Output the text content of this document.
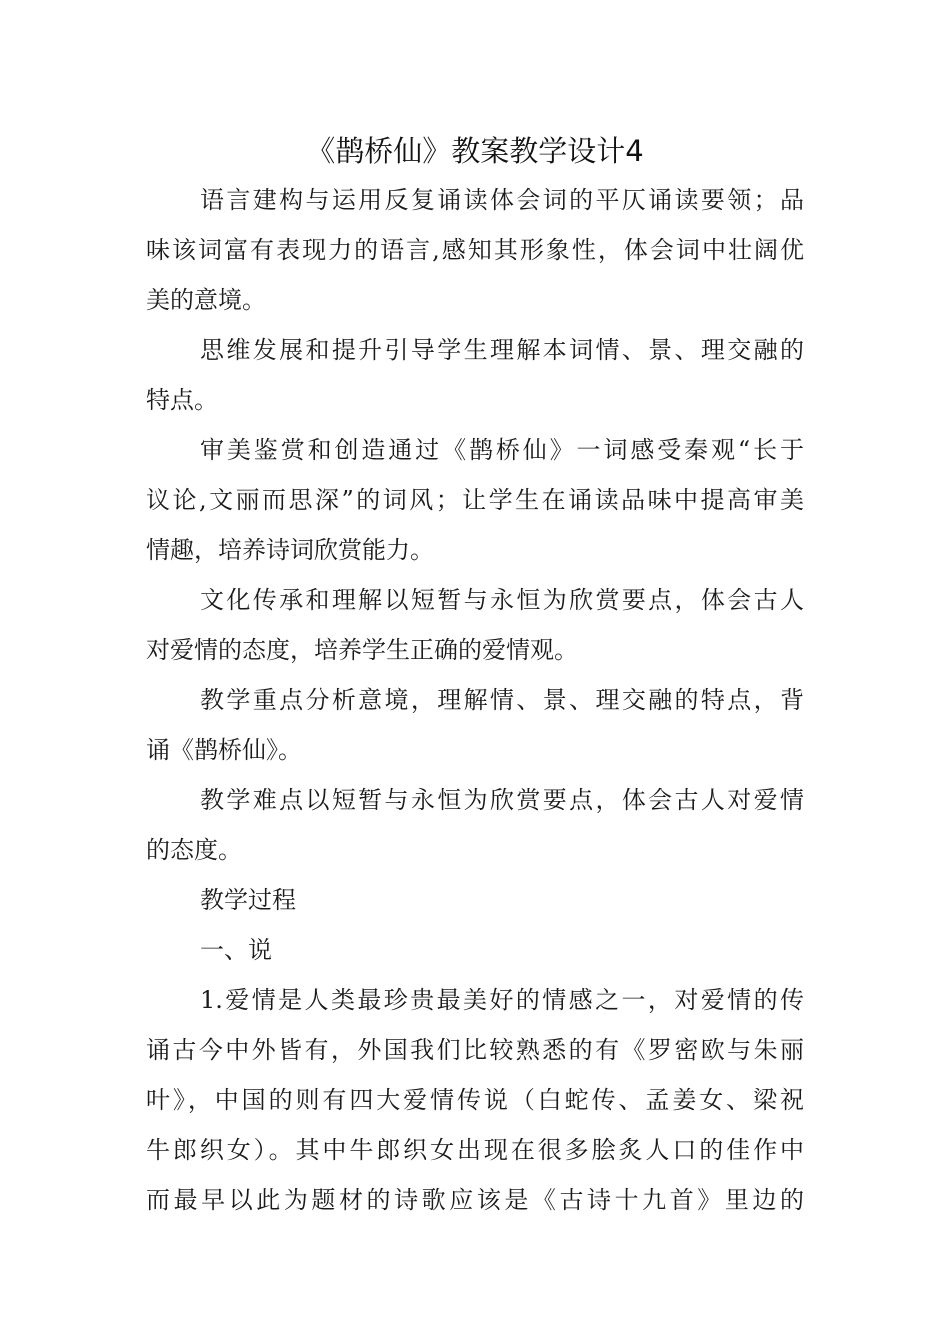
《鹊桥仙》教案教学设计4
语言建构与运用反复诵读体会词的平仄诵读要领；品
味该词富有表现力的语言,感知其形象性，体会词中壮阔优
美的意境。
思维发展和提升引导学生理解本词情、景、理交融的
特点。
审美鉴赏和创造通过《鹊桥仙》一词感受秦观“长于
议论,文丽而思深”的词风；让学生在诵读品味中提高审美
情趣，培养诗词欣赏能力。
文化传承和理解以短暂与永恒为欣赏要点，体会古人
对爱情的态度，培养学生正确的爱情观。
教学重点分析意境，理解情、景、理交融的特点，背
诵《鹊桥仙》。
教学难点以短暂与永恒为欣赏要点，体会古人对爱情
的态度。
教学过程
一、说
1.爱情是人类最珍贵最美好的情感之一，对爱情的传
诵古今中外皆有，外国我们比较熟悉的有《罗密欧与朱丽
叶》，中国的则有四大爱情传说（白蛇传、孟姜女、梁祝
牛郎织女）。其中牛郎织女出现在很多脍炙人口的佳作中
而最早以此为题材的诗歌应该是《古诗十九首》里边的
